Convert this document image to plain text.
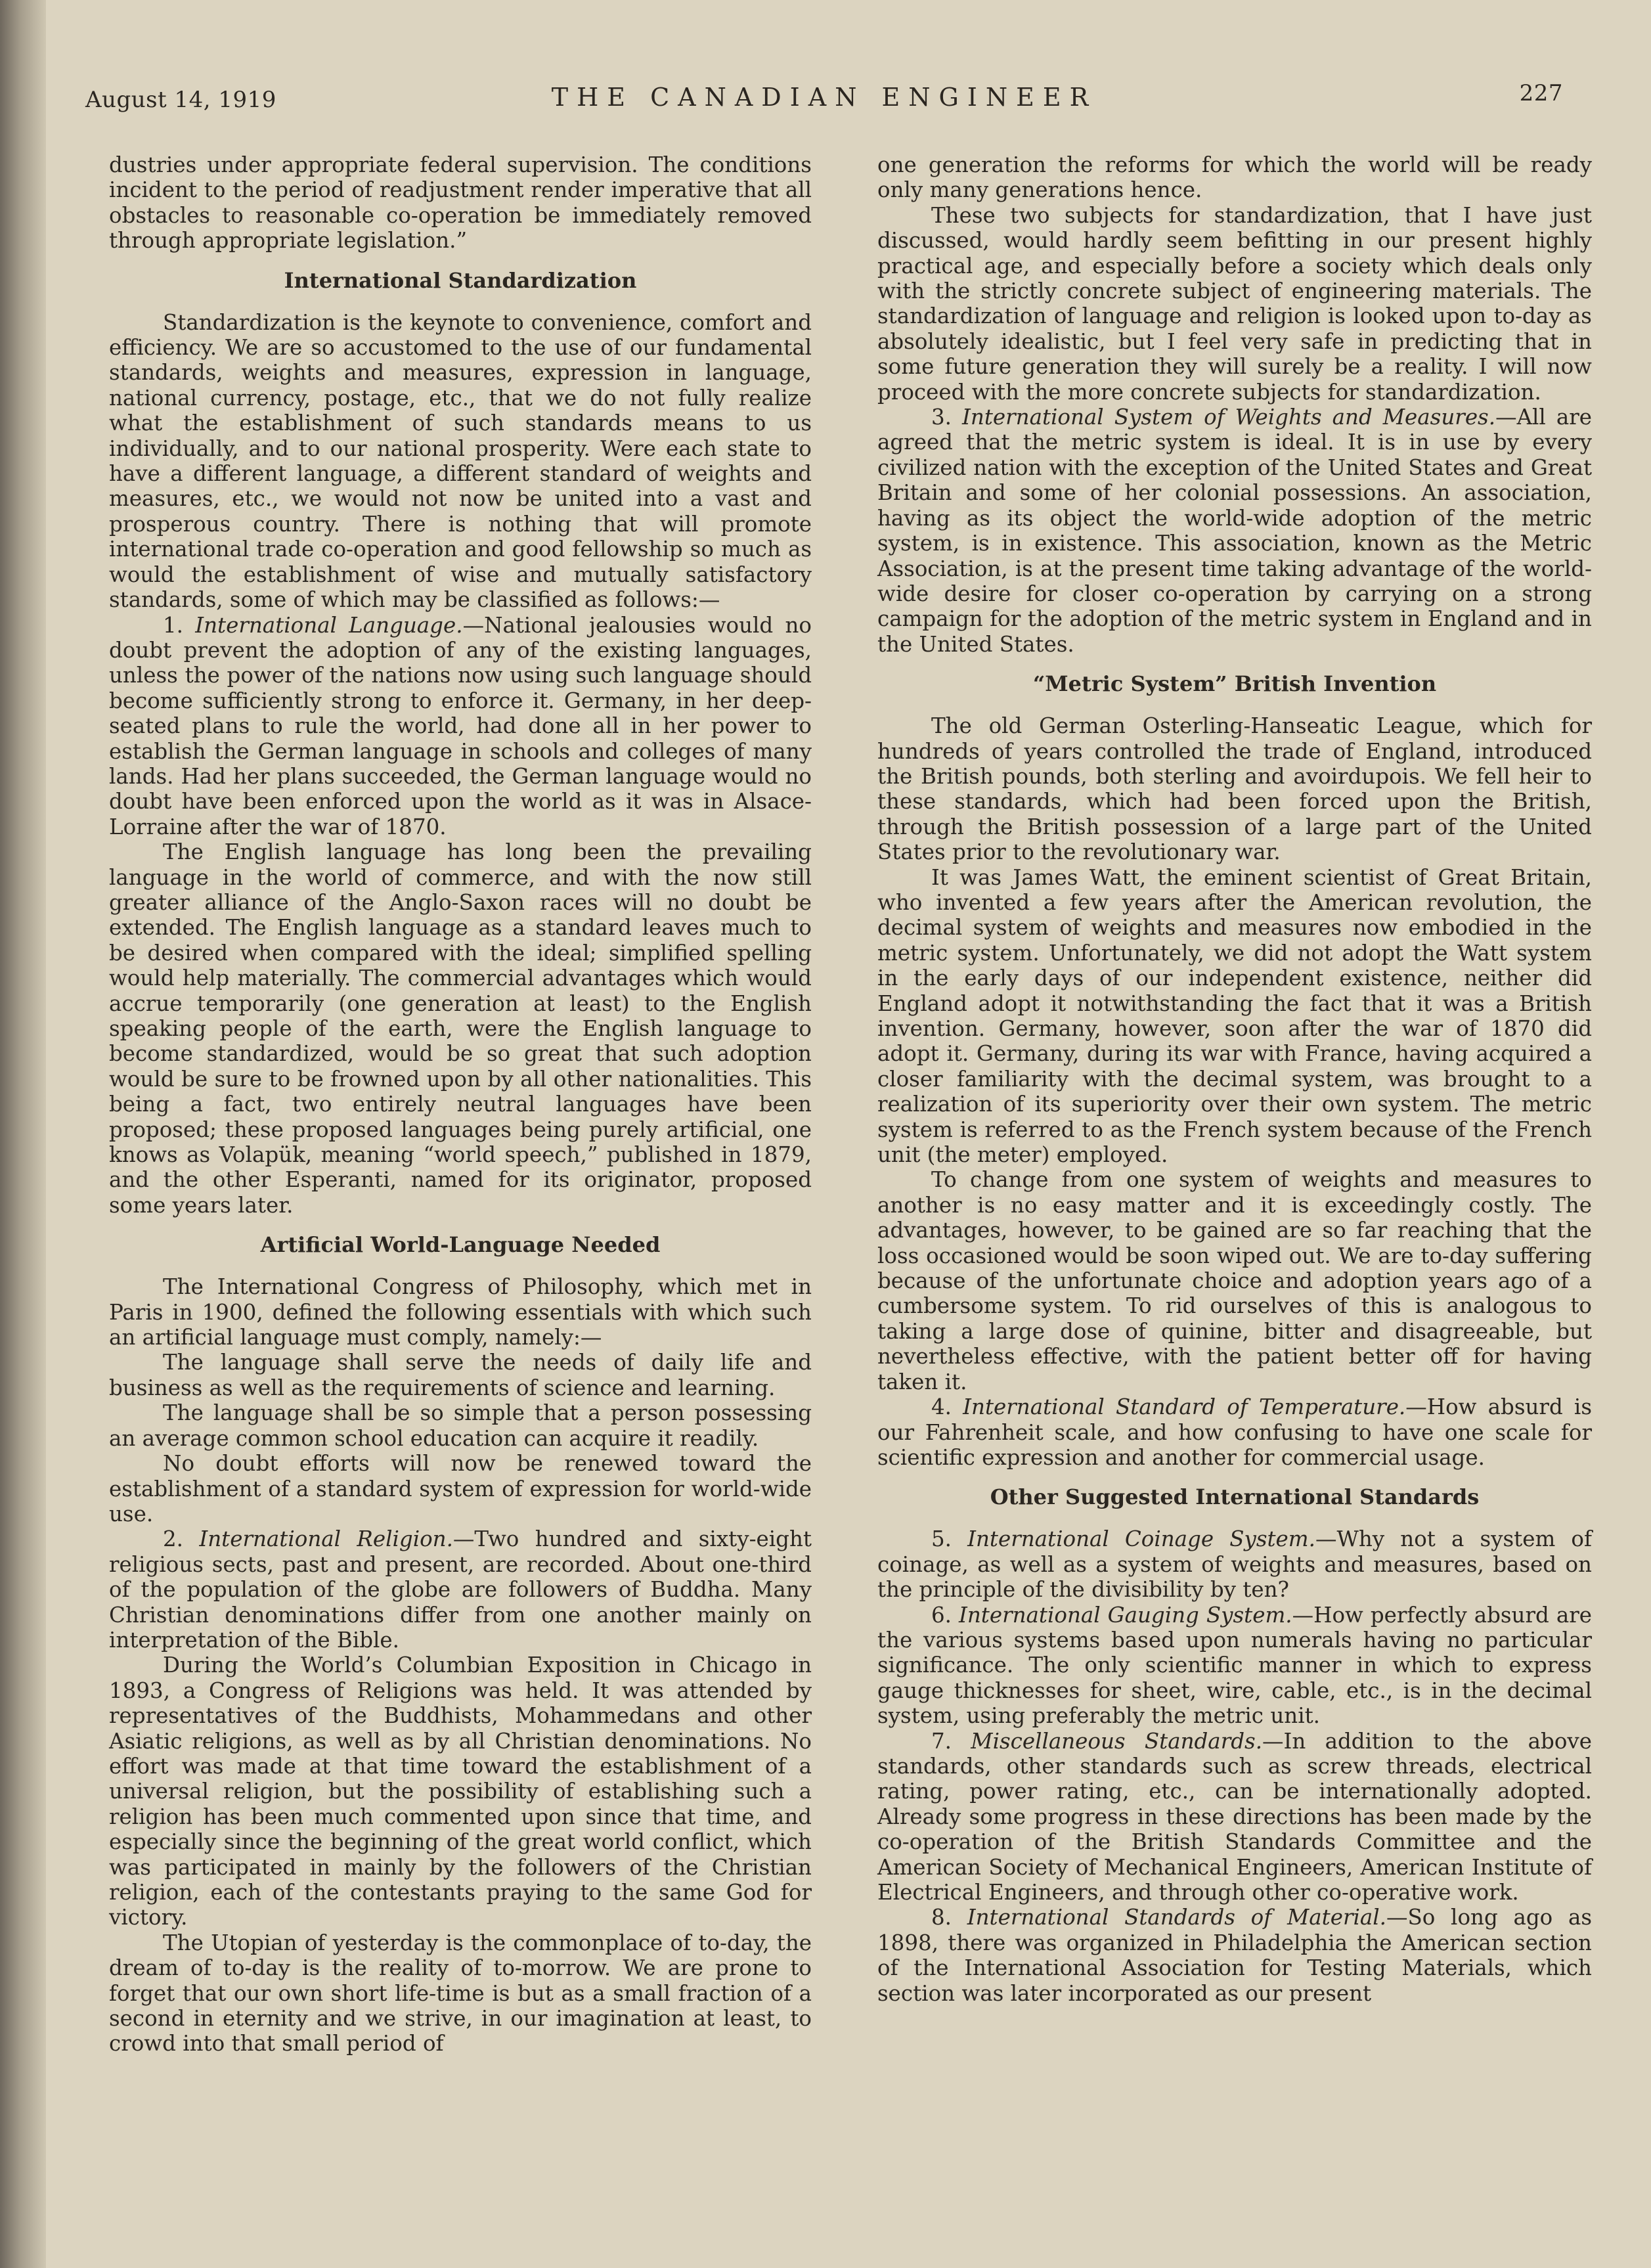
August 14, 1919	THE CANADIAN ENGINEER	227

dustries under appropriate federal supervision. The conditions incident to the period of readjustment render imperative that all obstacles to reasonable co-operation be immediately removed through appropriate legislation.”

International Standardization

Standardization is the keynote to convenience, comfort and efficiency. We are so accustomed to the use of our fundamental standards, weights and measures, expression in language, national currency, postage, etc., that we do not fully realize what the establishment of such standards means to us individually, and to our national prosperity. Were each state to have a different language, a different standard of weights and measures, etc., we would not now be united into a vast and prosperous country. There is nothing that will promote international trade co-operation and good fellowship so much as would the establishment of wise and mutually satisfactory standards, some of which may be classified as follows:—

1. International Language.—National jealousies would no doubt prevent the adoption of any of the existing languages, unless the power of the nations now using such language should become sufficiently strong to enforce it. Germany, in her deep-seated plans to rule the world, had done all in her power to establish the German language in schools and colleges of many lands. Had her plans succeeded, the German language would no doubt have been enforced upon the world as it was in Alsace-Lorraine after the war of 1870.

The English language has long been the prevailing language in the world of commerce, and with the now still greater alliance of the Anglo-Saxon races will no doubt be extended. The English language as a standard leaves much to be desired when compared with the ideal; simplified spelling would help materially. The commercial advantages which would accrue temporarily (one generation at least) to the English speaking people of the earth, were the English language to become standardized, would be so great that such adoption would be sure to be frowned upon by all other nationalities. This being a fact, two entirely neutral languages have been proposed; these proposed languages being purely artificial, one knows as Volapük, meaning “world speech,” published in 1879, and the other Esperanti, named for its originator, proposed some years later.

Artificial World-Language Needed

The International Congress of Philosophy, which met in Paris in 1900, defined the following essentials with which such an artificial language must comply, namely:—

The language shall serve the needs of daily life and business as well as the requirements of science and learning.

The language shall be so simple that a person possessing an average common school education can acquire it readily.

No doubt efforts will now be renewed toward the establishment of a standard system of expression for world-wide use.

2. International Religion.—Two hundred and sixty-eight religious sects, past and present, are recorded. About one-third of the population of the globe are followers of Buddha. Many Christian denominations differ from one another mainly on interpretation of the Bible.

During the World’s Columbian Exposition in Chicago in 1893, a Congress of Religions was held. It was attended by representatives of the Buddhists, Mohammedans and other Asiatic religions, as well as by all Christian denominations. No effort was made at that time toward the establishment of a universal religion, but the possibility of establishing such a religion has been much commented upon since that time, and especially since the beginning of the great world conflict, which was participated in mainly by the followers of the Christian religion, each of the contestants praying to the same God for victory.

The Utopian of yesterday is the commonplace of to-day, the dream of to-day is the reality of to-morrow. We are prone to forget that our own short life-time is but as a small fraction of a second in eternity and we strive, in our imagination at least, to crowd into that small period of

one generation the reforms for which the world will be ready only many generations hence.

These two subjects for standardization, that I have just discussed, would hardly seem befitting in our present highly practical age, and especially before a society which deals only with the strictly concrete subject of engineering materials. The standardization of language and religion is looked upon to-day as absolutely idealistic, but I feel very safe in predicting that in some future generation they will surely be a reality. I will now proceed with the more concrete subjects for standardization.

3. International System of Weights and Measures.—All are agreed that the metric system is ideal. It is in use by every civilized nation with the exception of the United States and Great Britain and some of her colonial possessions. An association, having as its object the world-wide adoption of the metric system, is in existence. This association, known as the Metric Association, is at the present time taking advantage of the world-wide desire for closer co-operation by carrying on a strong campaign for the adoption of the metric system in England and in the United States.

“Metric System” British Invention

The old German Osterling-Hanseatic League, which for hundreds of years controlled the trade of England, introduced the British pounds, both sterling and avoirdupois. We fell heir to these standards, which had been forced upon the British, through the British possession of a large part of the United States prior to the revolutionary war.

It was James Watt, the eminent scientist of Great Britain, who invented a few years after the American revolution, the decimal system of weights and measures now embodied in the metric system. Unfortunately, we did not adopt the Watt system in the early days of our independent existence, neither did England adopt it notwithstanding the fact that it was a British invention. Germany, however, soon after the war of 1870 did adopt it. Germany, during its war with France, having acquired a closer familiarity with the decimal system, was brought to a realization of its superiority over their own system. The metric system is referred to as the French system because of the French unit (the meter) employed.

To change from one system of weights and measures to another is no easy matter and it is exceedingly costly. The advantages, however, to be gained are so far reaching that the loss occasioned would be soon wiped out. We are to-day suffering because of the unfortunate choice and adoption years ago of a cumbersome system. To rid ourselves of this is analogous to taking a large dose of quinine, bitter and disagreeable, but nevertheless effective, with the patient better off for having taken it.

4. International Standard of Temperature.—How absurd is our Fahrenheit scale, and how confusing to have one scale for scientific expression and another for commercial usage.

Other Suggested International Standards

5. International Coinage System.—Why not a system of coinage, as well as a system of weights and measures, based on the principle of the divisibility by ten?

6. International Gauging System.—How perfectly absurd are the various systems based upon numerals having no particular significance. The only scientific manner in which to express gauge thicknesses for sheet, wire, cable, etc., is in the decimal system, using preferably the metric unit.

7. Miscellaneous Standards.—In addition to the above standards, other standards such as screw threads, electrical rating, power rating, etc., can be internationally adopted. Already some progress in these directions has been made by the co-operation of the British Standards Committee and the American Society of Mechanical Engineers, American Institute of Electrical Engineers, and through other co-operative work.

8. International Standards of Material.—So long ago as 1898, there was organized in Philadelphia the American section of the International Association for Testing Materials, which section was later incorporated as our present
